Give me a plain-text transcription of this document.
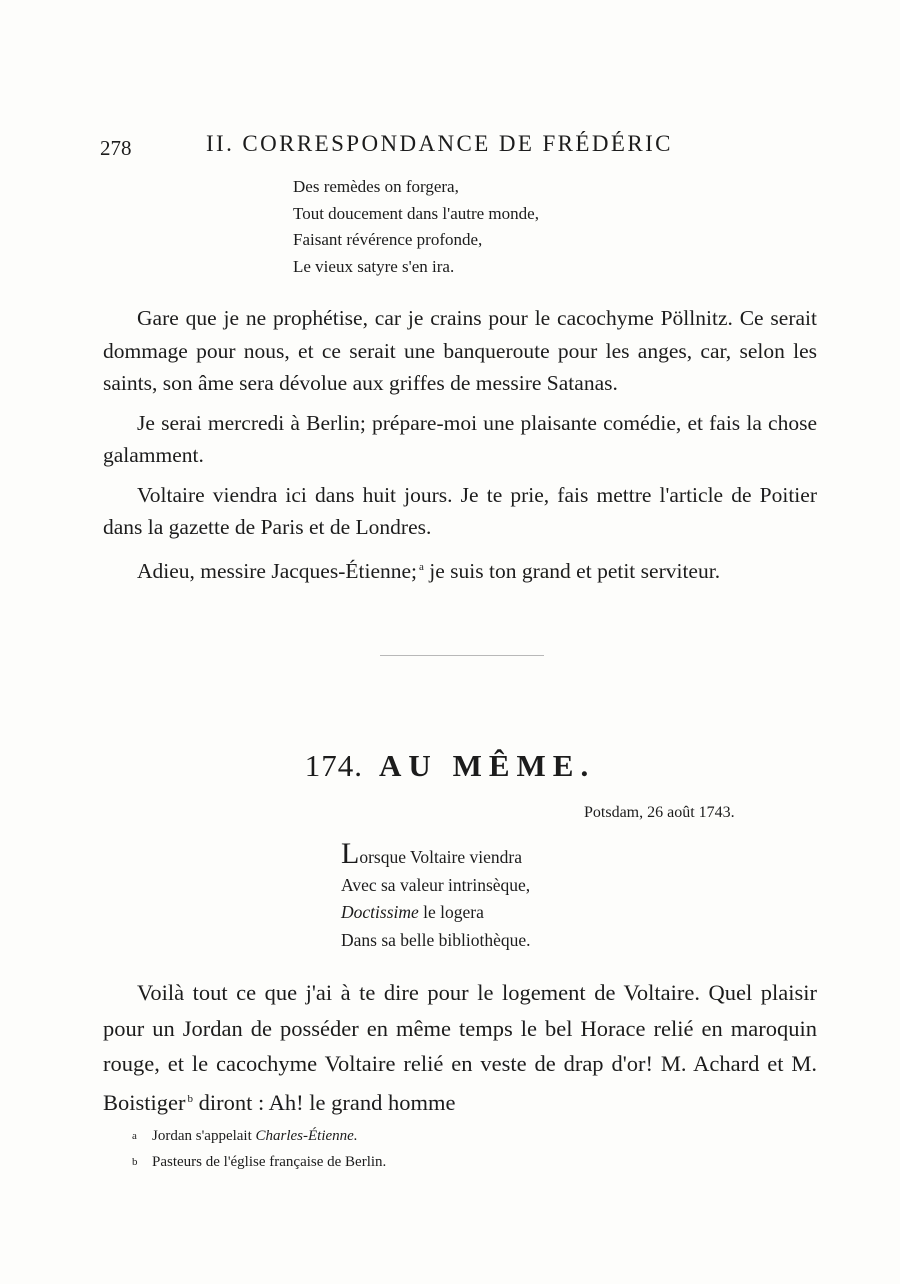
278	II. CORRESPONDANCE DE FRÉDÉRIC
Des remèdes on forgera,
Tout doucement dans l'autre monde,
Faisant révérence profonde,
Le vieux satyre s'en ira.

Gare que je ne prophétise, car je crains pour le cacochyme Pöllnitz. Ce serait dommage pour nous, et ce serait une banqueroute pour les anges, car, selon les saints, son âme sera dévolue aux griffes de messire Satanas.

Je serai mercredi à Berlin; prépare-moi une plaisante comédie, et fais la chose galamment.

Voltaire viendra ici dans huit jours. Je te prie, fais mettre l'article de Poitier dans la gazette de Paris et de Londres.

Adieu, messire Jacques-Étienne; $^a$ je suis ton grand et petit serviteur.

174. AU MÊME.
Potsdam, 26 août 1743.
Lorsque Voltaire viendra
Avec sa valeur intrinsèque,
Doctissime le logera
Dans sa belle bibliothèque.

Voilà tout ce que j'ai à te dire pour le logement de Voltaire. Quel plaisir pour un Jordan de posséder en même temps le bel Horace relié en maroquin rouge, et le cacochyme Voltaire relié en veste de drap d'or! M. Achard et M. Boistiger $^b$ diront : Ah! le grand homme

a Jordan s'appelait Charles-Étienne.
b Pasteurs de l'église française de Berlin.
